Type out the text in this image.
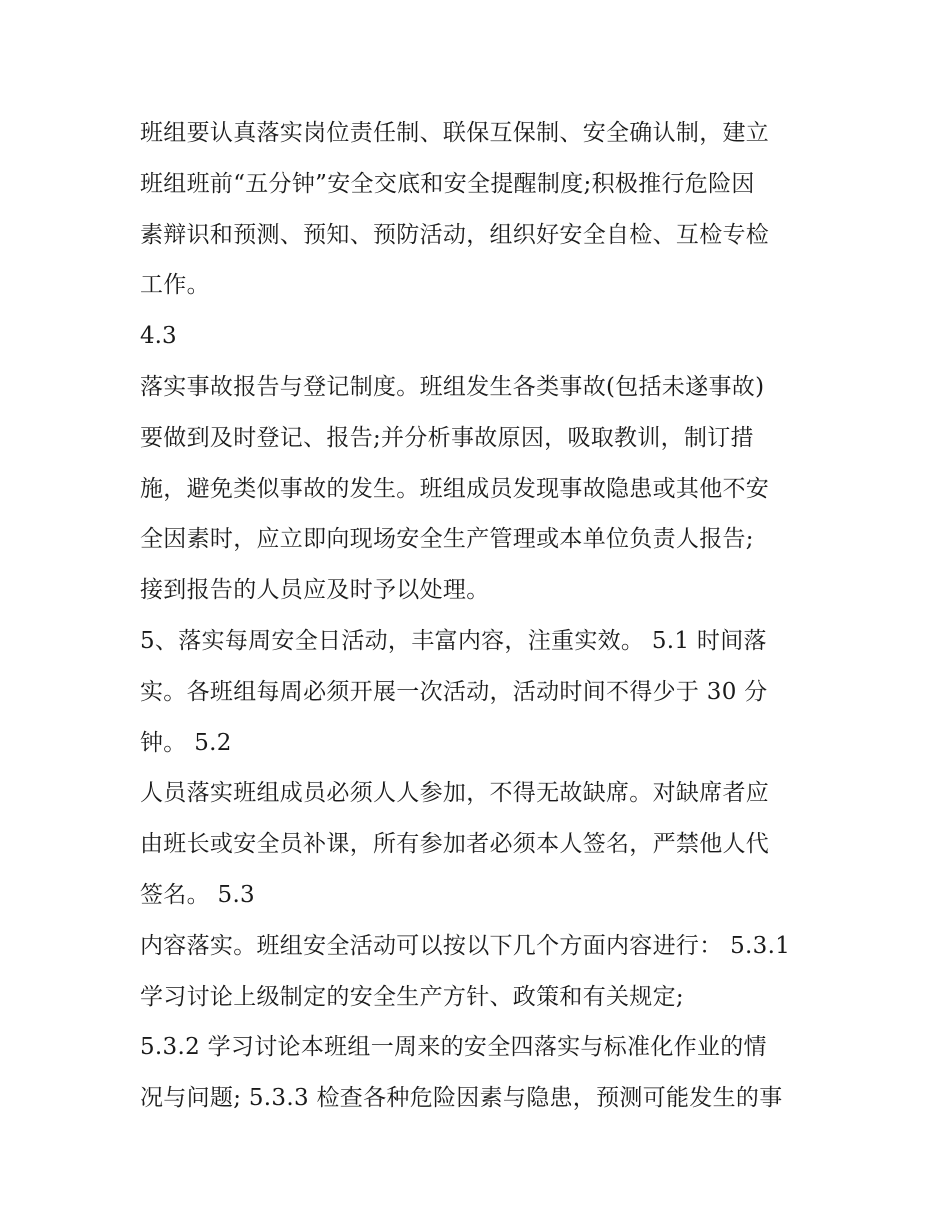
班组要认真落实岗位责任制、联保互保制、安全确认制，建立
班组班前“五分钟”安全交底和安全提醒制度;积极推行危险因
素辩识和预测、预知、预防活动，组织好安全自检、互检专检
工作。
4.3
落实事故报告与登记制度。班组发生各类事故(包括未遂事故)
要做到及时登记、报告;并分析事故原因，吸取教训，制订措
施，避免类似事故的发生。班组成员发现事故隐患或其他不安
全因素时，应立即向现场安全生产管理或本单位负责人报告;
接到报告的人员应及时予以处理。
5、落实每周安全日活动，丰富内容，注重实效。 5.1 时间落
实。各班组每周必须开展一次活动，活动时间不得少于 30 分
钟。 5.2
人员落实班组成员必须人人参加，不得无故缺席。对缺席者应
由班长或安全员补课，所有参加者必须本人签名，严禁他人代
签名。 5.3
内容落实。班组安全活动可以按以下几个方面内容进行： 5.3.1
学习讨论上级制定的安全生产方针、政策和有关规定;
5.3.2 学习讨论本班组一周来的安全四落实与标准化作业的情
况与问题; 5.3.3 检查各种危险因素与隐患，预测可能发生的事
